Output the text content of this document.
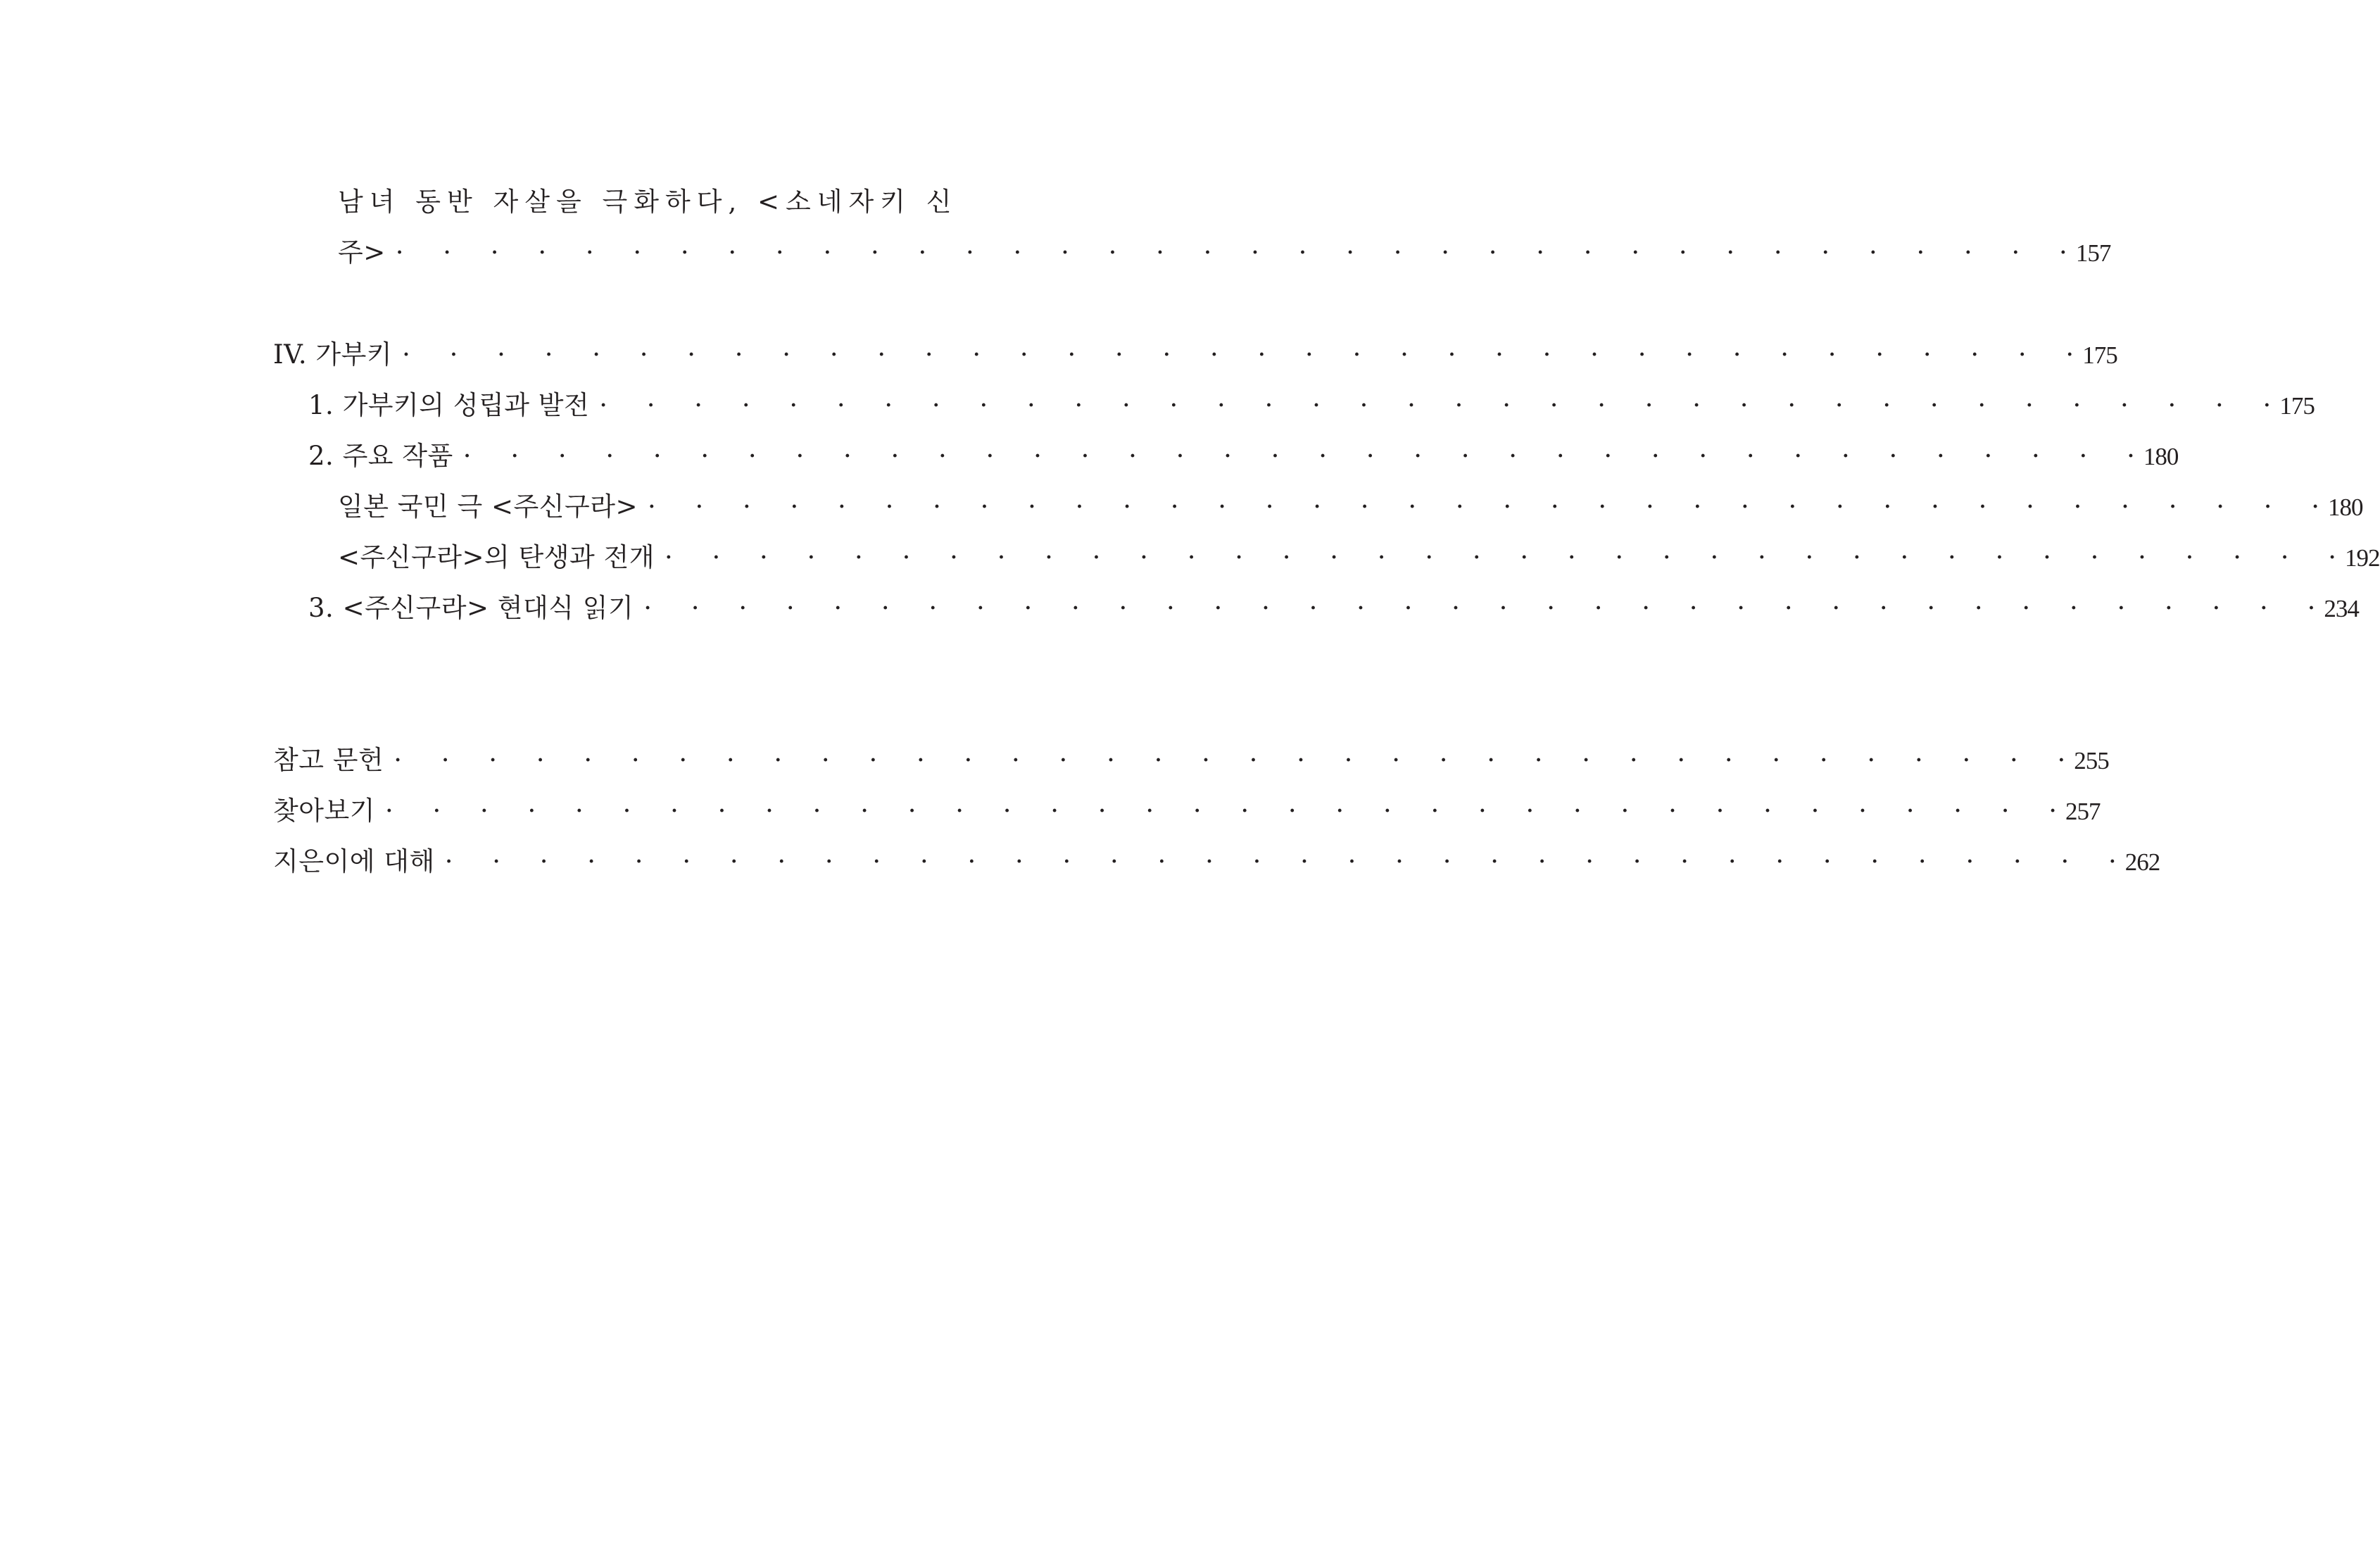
남녀 동반 자살을 극화하다, <소네자키 신
주> · · · · · · · · · · · · · · · · · · · · · · · · · · · · · · · · · · · ·
157
IV. 가부키 · · · · · · · · · · · · · · · · · · · · · · · · · · · · · · · · · · · ·
175
1. 가부키의 성립과 발전 · · · · · · · · · · · · · · · · · · · · · · · · · · · · · · · · · · · ·
175
2. 주요 작품 · · · · · · · · · · · · · · · · · · · · · · · · · · · · · · · · · · · ·
180
일본 국민 극 <주신구라> · · · · · · · · · · · · · · · · · · · · · · · · · · · · · · · · · · · ·
180
<주신구라>의 탄생과 전개 · · · · · · · · · · · · · · · · · · · · · · · · · · · · · · · · · · · ·
192
3. <주신구라> 현대식 읽기 · · · · · · · · · · · · · · · · · · · · · · · · · · · · · · · · · · · ·
234
참고 문헌 · · · · · · · · · · · · · · · · · · · · · · · · · · · · · · · · · · · ·
255
찾아보기 · · · · · · · · · · · · · · · · · · · · · · · · · · · · · · · · · · · ·
257
지은이에 대해 · · · · · · · · · · · · · · · · · · · · · · · · · · · · · · · · · · · ·
262
